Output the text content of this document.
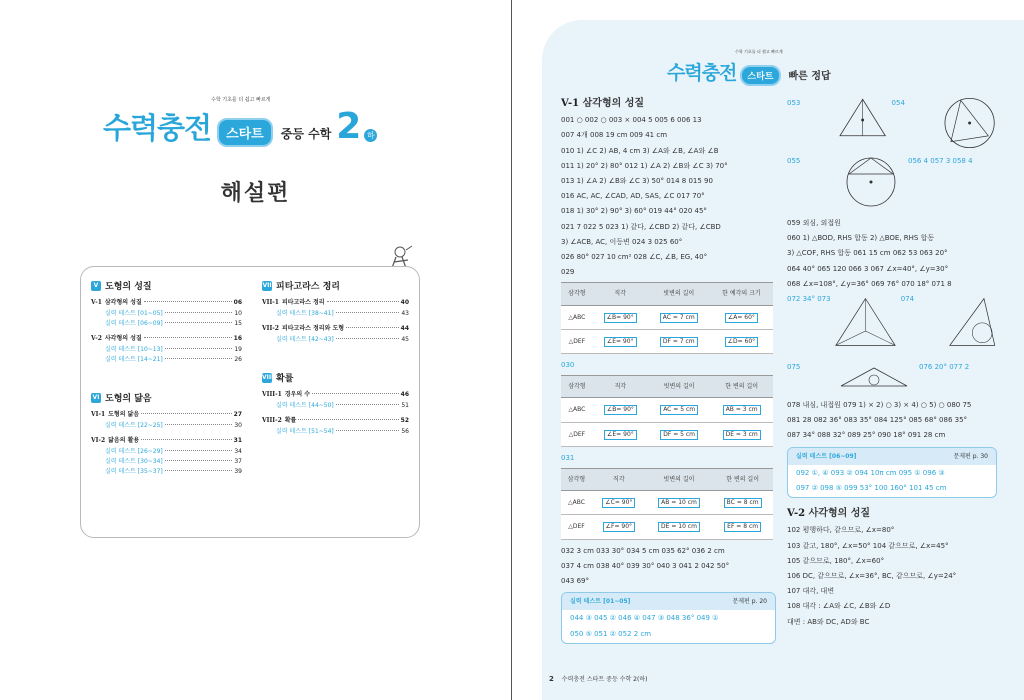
수학 기초를 더 쉽고 빠르게
수력충전	스타트	중등 수학 2 하
해설편
V 도형의 성질
V-1 삼각형의 성질	06
실력 테스트 [01~05]	10
실력 테스트 [06~09]	15
V-2 사각형의 성질	16
실력 테스트 [10~13]	19
실력 테스트 [14~21]	26
VI 도형의 닮음
VI-1 도형의 닮음	27
실력 테스트 [22~25]	30
VI-2 닮음의 활용	31
실력 테스트 [26~29]	34
실력 테스트 [30~34]	37
실력 테스트 [35~37]	39
VII 피타고라스 정리
VII-1 피타고라스 정리	40
실력 테스트 [38~41]	43
VII-2 피타고라스 정리와 도형	44
실력 테스트 [42~43]	45
VIII 확률
VIII-1 경우의 수	46
실력 테스트 [44~50]	51
VIII-2 확률	52
실력 테스트 [51~54]	56
수학 기초를 더 쉽고 빠르게
수력충전	스타트	빠른 정답
V-1 삼각형의 성질
001 ○ 002 ○ 003 × 004 5 005 6 006 13
007 4개 008 19 cm 009 41 cm
010 1) ∠C 2) AB, 4 cm 3) ∠A와 ∠B, ∠A와 ∠B
011 1) 20° 2) 80° 012 1) ∠A 2) ∠B와 ∠C 3) 70°
013 1) ∠A 2) ∠B와 ∠C 3) 50° 014 8 015 90
016 AC, AC, ∠CAD, AD, SAS, ∠C 017 70°
018 1) 30° 2) 90° 3) 60° 019 44° 020 45°
021 7 022 5 023 1) 같다, ∠CBD 2) 같다, ∠CBD
3) ∠ACB, AC, 이등변 024 3 025 60°
026 80° 027 10 cm² 028 ∠C, ∠B, EG, 40°
029
삼각형	직각	빗변의 길이	한 예각의 크기
△ABC	∠B= 90°	AC = 7 cm	∠A= 60°
△DEF	∠E= 90°	DF = 7 cm	∠D= 60°
030
삼각형	직각	빗변의 길이	한 변의 길이
△ABC	∠B= 90°	AC = 5 cm	AB = 3 cm
△DEF	∠E= 90°	DF = 5 cm	DE = 3 cm
031
삼각형	직각	빗변의 길이	한 변의 길이
△ABC	∠C= 90°	AB = 10 cm	BC = 8 cm
△DEF	∠F= 90°	DE = 10 cm	EF = 8 cm
032 3 cm 033 30° 034 5 cm 035 62° 036 2 cm
037 4 cm 038 40° 039 30° 040 3 041 2 042 50°
043 69°
실력 테스트 [01~05]	문제편 p. 20
044 ③ 045 ② 046 ④ 047 ③ 048 36° 049 ①
050 ⑤ 051 ② 052 2 cm
053	054
055	056 4 057 3 058 4
059 외심, 외접원
060 1) △BOD, RHS 합동 2) △BOE, RHS 합동
3) △COF, RHS 합동 061 15 cm 062 53 063 20°
064 40° 065 120 066 3 067 ∠x=40°, ∠y=30°
068 ∠x=108°, ∠y=36° 069 76° 070 18° 071 8
072 34° 073	074
075	076 20° 077 2
078 내심, 내접원 079 1) × 2) ○ 3) × 4) ○ 5) ○ 080 75
081 28 082 36° 083 35° 084 125° 085 68° 086 35°
087 34° 088 32° 089 25° 090 18° 091 28 cm
실력 테스트 [06~09]	문제편 p. 30
092 ①, ④ 093 ② 094 10π cm 095 ① 096 ③
097 ② 098 ⑤ 099 53° 100 160° 101 45 cm
V-2 사각형의 성질
102 평행하다, 같으므로, ∠x=80°
103 같고, 180°, ∠x=50° 104 같으므로, ∠x=45°
105 같으므로, 180°, ∠x=60°
106 DC, 같으므로, ∠x=36°, BC, 같으므로, ∠y=24°
107 대각, 대변
108 대각 : ∠A와 ∠C, ∠B와 ∠D
대변 : AB와 DC, AD와 BC
2 수력충전 스타트 중등 수학 2(하)
